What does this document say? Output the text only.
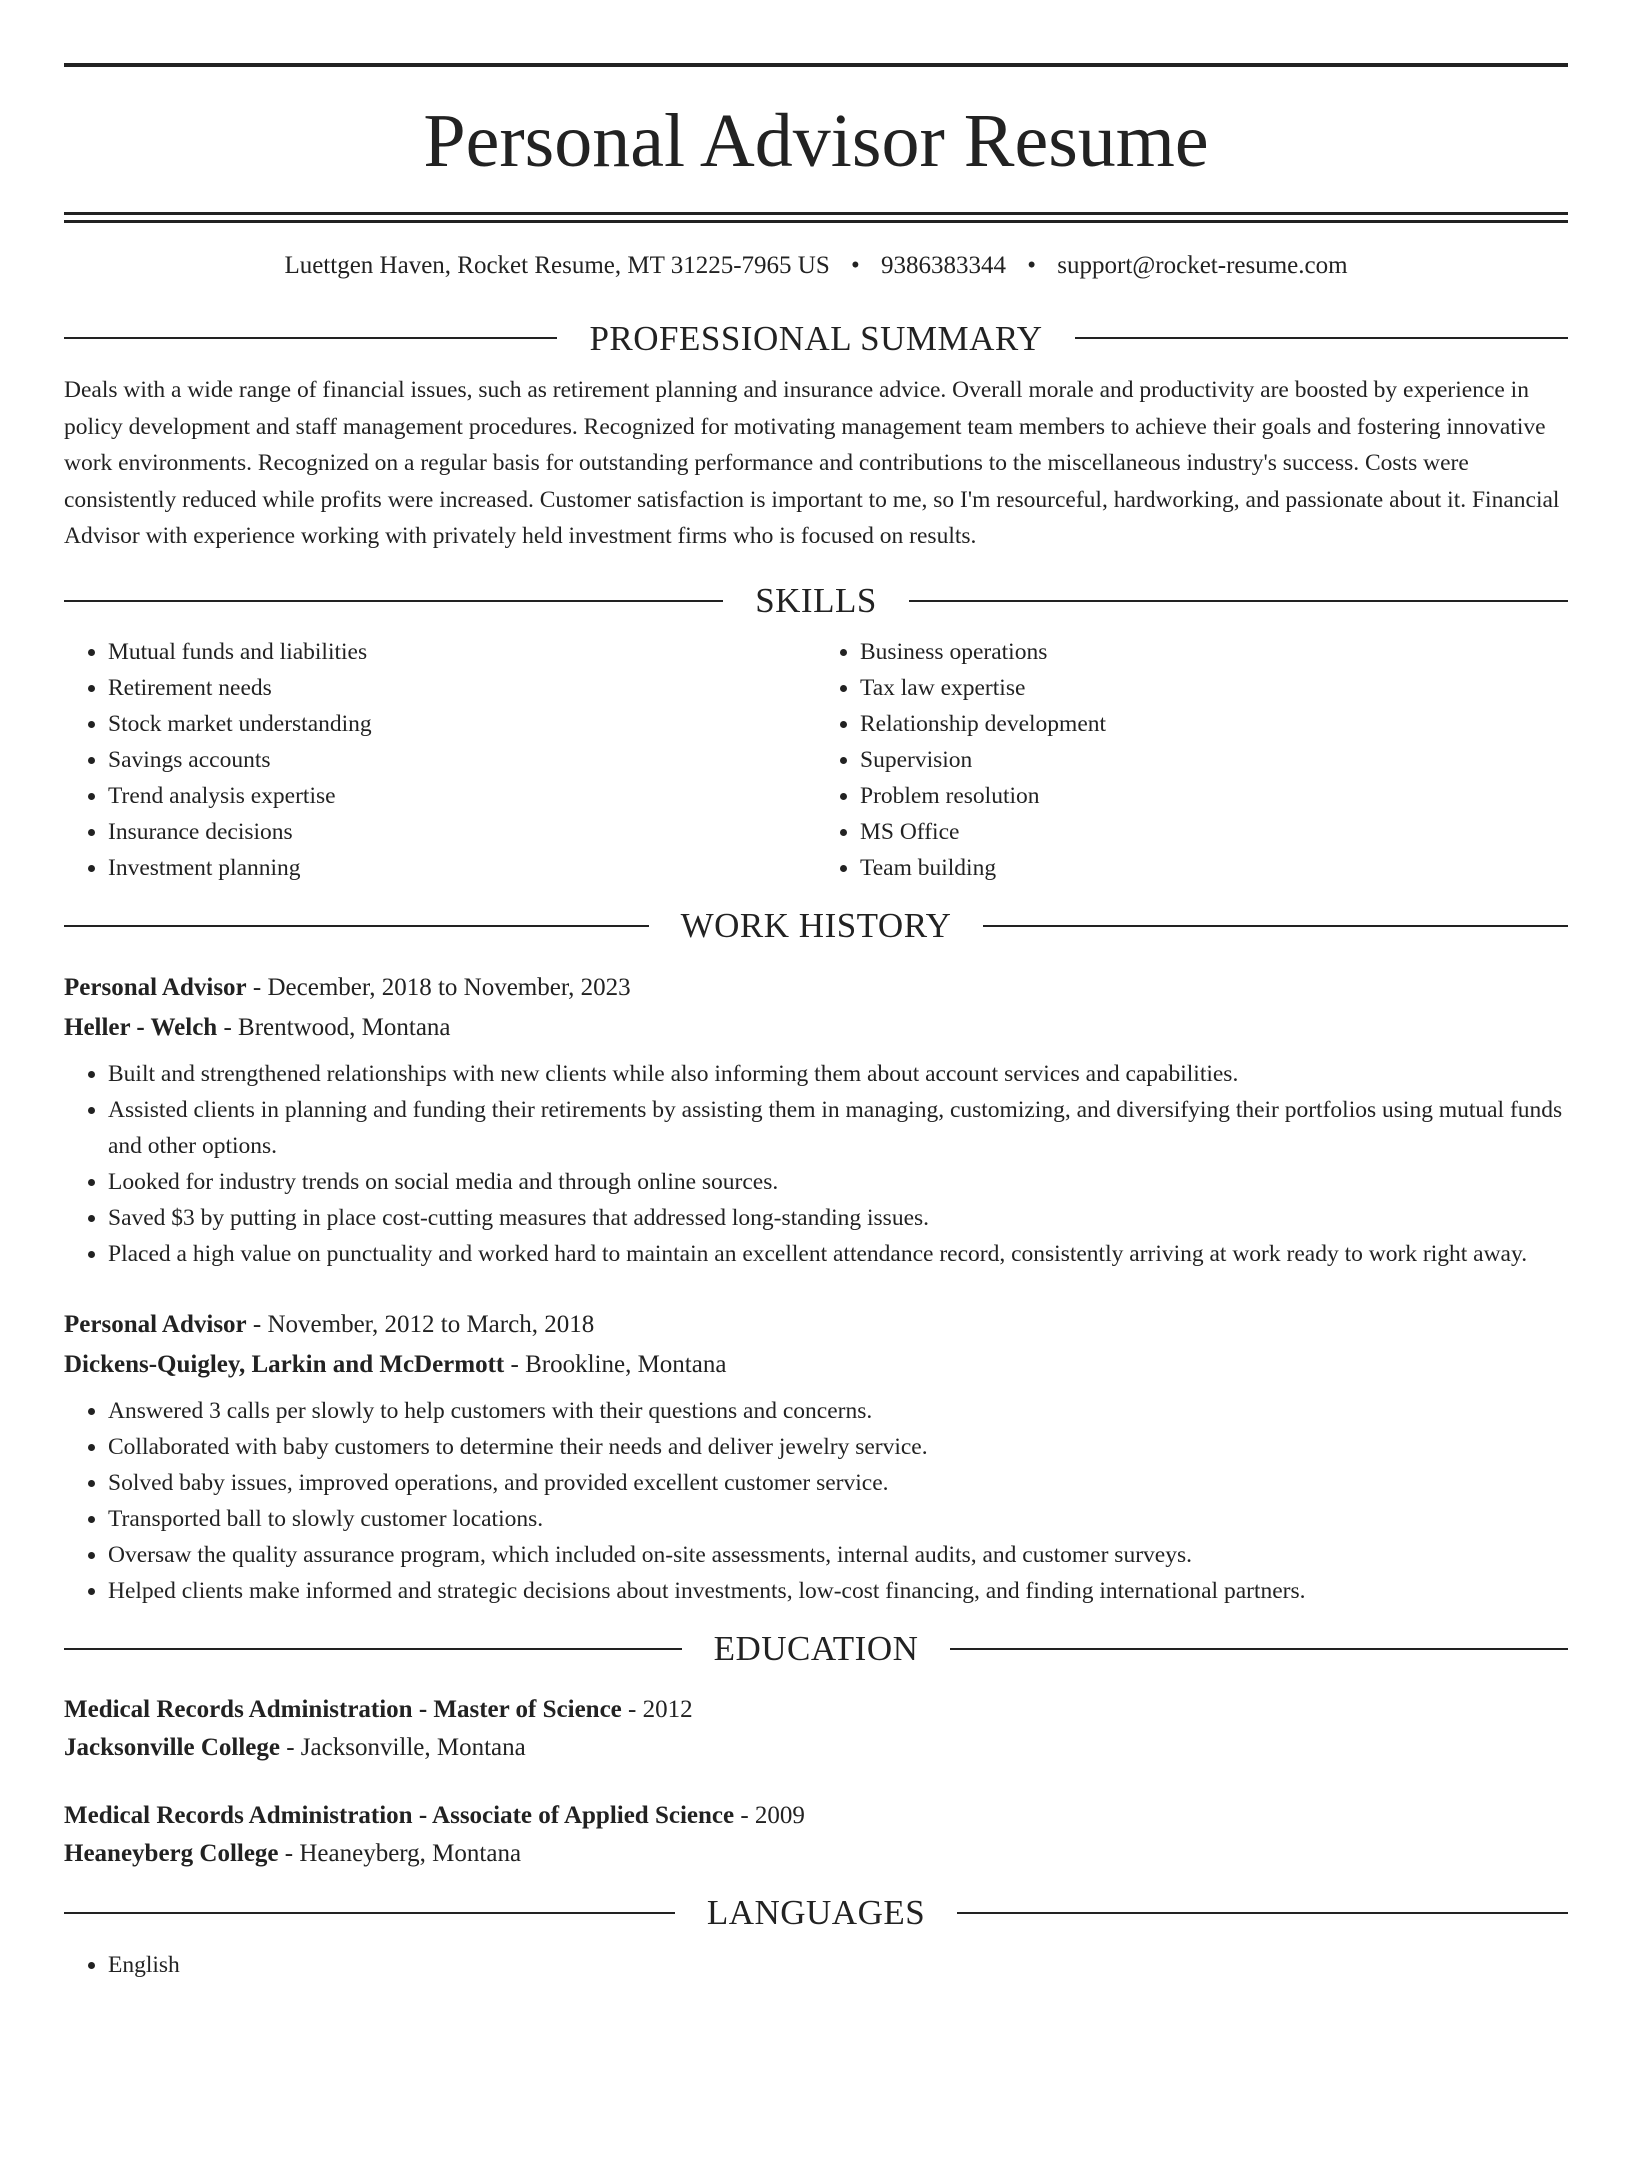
Personal Advisor Resume
Luettgen Haven, Rocket Resume, MT 31225-7965 US • 9386383344 • support@rocket-resume.com
PROFESSIONAL SUMMARY
Deals with a wide range of financial issues, such as retirement planning and insurance advice. Overall morale and productivity are boosted by experience in policy development and staff management procedures. Recognized for motivating management team members to achieve their goals and fostering innovative work environments. Recognized on a regular basis for outstanding performance and contributions to the miscellaneous industry's success. Costs were consistently reduced while profits were increased. Customer satisfaction is important to me, so I'm resourceful, hardworking, and passionate about it. Financial Advisor with experience working with privately held investment firms who is focused on results.
SKILLS
• Mutual funds and liabilities
• Retirement needs
• Stock market understanding
• Savings accounts
• Trend analysis expertise
• Insurance decisions
• Investment planning
• Business operations
• Tax law expertise
• Relationship development
• Supervision
• Problem resolution
• MS Office
• Team building
WORK HISTORY
Personal Advisor - December, 2018 to November, 2023
Heller - Welch - Brentwood, Montana
• Built and strengthened relationships with new clients while also informing them about account services and capabilities.
• Assisted clients in planning and funding their retirements by assisting them in managing, customizing, and diversifying their portfolios using mutual funds and other options.
• Looked for industry trends on social media and through online sources.
• Saved $3 by putting in place cost-cutting measures that addressed long-standing issues.
• Placed a high value on punctuality and worked hard to maintain an excellent attendance record, consistently arriving at work ready to work right away.
Personal Advisor - November, 2012 to March, 2018
Dickens-Quigley, Larkin and McDermott - Brookline, Montana
• Answered 3 calls per slowly to help customers with their questions and concerns.
• Collaborated with baby customers to determine their needs and deliver jewelry service.
• Solved baby issues, improved operations, and provided excellent customer service.
• Transported ball to slowly customer locations.
• Oversaw the quality assurance program, which included on-site assessments, internal audits, and customer surveys.
• Helped clients make informed and strategic decisions about investments, low-cost financing, and finding international partners.
EDUCATION
Medical Records Administration - Master of Science - 2012
Jacksonville College - Jacksonville, Montana
Medical Records Administration - Associate of Applied Science - 2009
Heaneyberg College - Heaneyberg, Montana
LANGUAGES
• English
